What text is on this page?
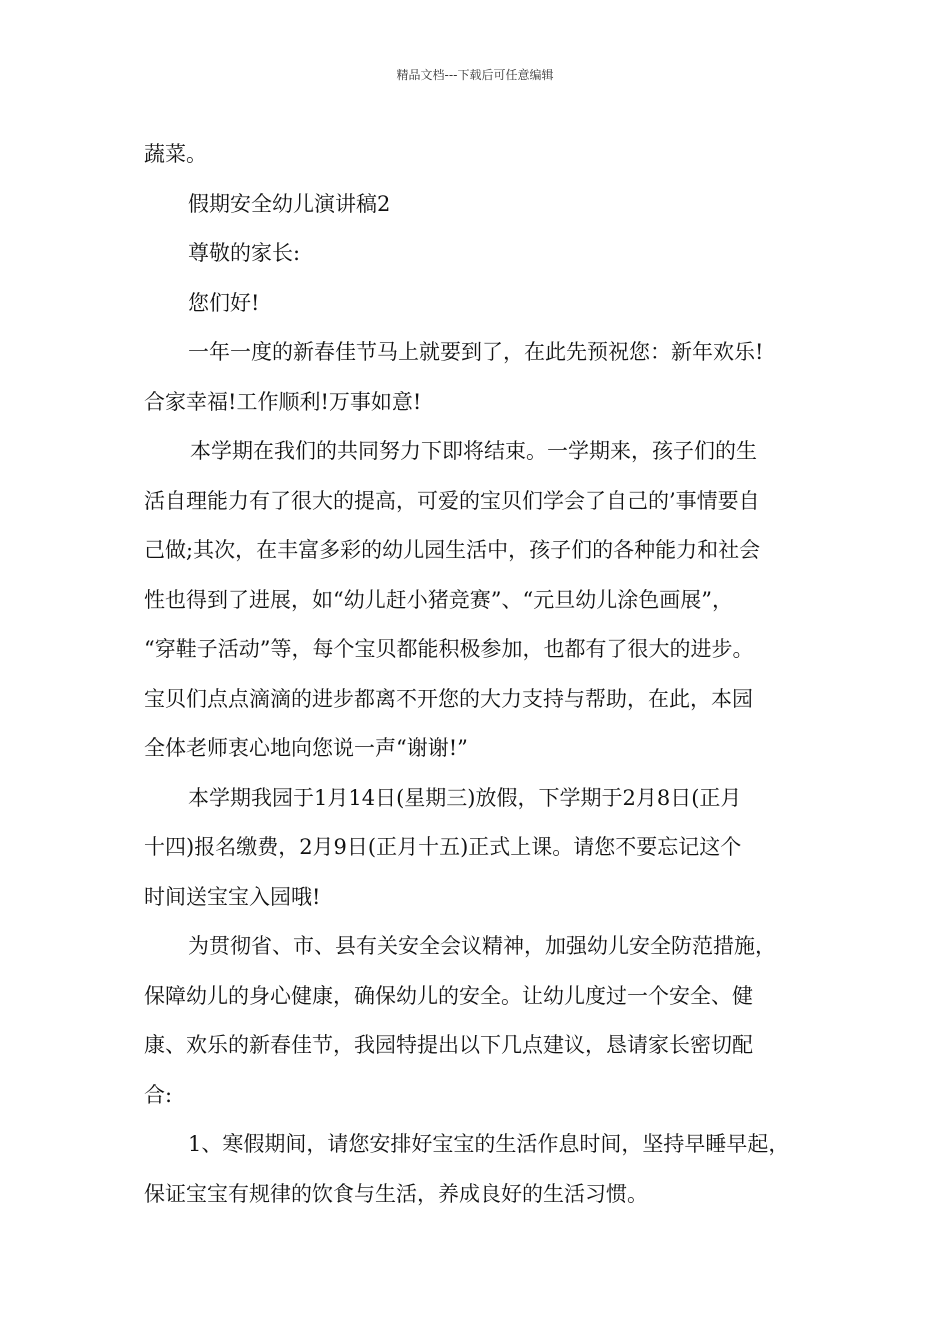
精品文档---下载后可任意编辑

蔬菜。

假期安全幼儿演讲稿2

尊敬的家长:

您们好!

一年一度的新春佳节马上就要到了，在此先预祝您：新年欢乐!
合家幸福!工作顺利!万事如意!

本学期在我们的共同努力下即将结束。一学期来，孩子们的生
活自理能力有了很大的提高，可爱的宝贝们学会了自己的’事情要自
己做;其次，在丰富多彩的幼儿园生活中，孩子们的各种能力和社会
性也得到了进展，如“幼儿赶小猪竞赛”、“元旦幼儿涂色画展”，
“穿鞋子活动”等，每个宝贝都能积极参加，也都有了很大的进步。
宝贝们点点滴滴的进步都离不开您的大力支持与帮助，在此，本园
全体老师衷心地向您说一声“谢谢!”

本学期我园于1月14日(星期三)放假，下学期于2月8日(正月
十四)报名缴费，2月9日(正月十五)正式上课。请您不要忘记这个
时间送宝宝入园哦!

为贯彻省、市、县有关安全会议精神，加强幼儿安全防范措施，
保障幼儿的身心健康，确保幼儿的安全。让幼儿度过一个安全、健
康、欢乐的新春佳节，我园特提出以下几点建议，恳请家长密切配
合:

1、寒假期间，请您安排好宝宝的生活作息时间，坚持早睡早起，
保证宝宝有规律的饮食与生活，养成良好的生活习惯。
